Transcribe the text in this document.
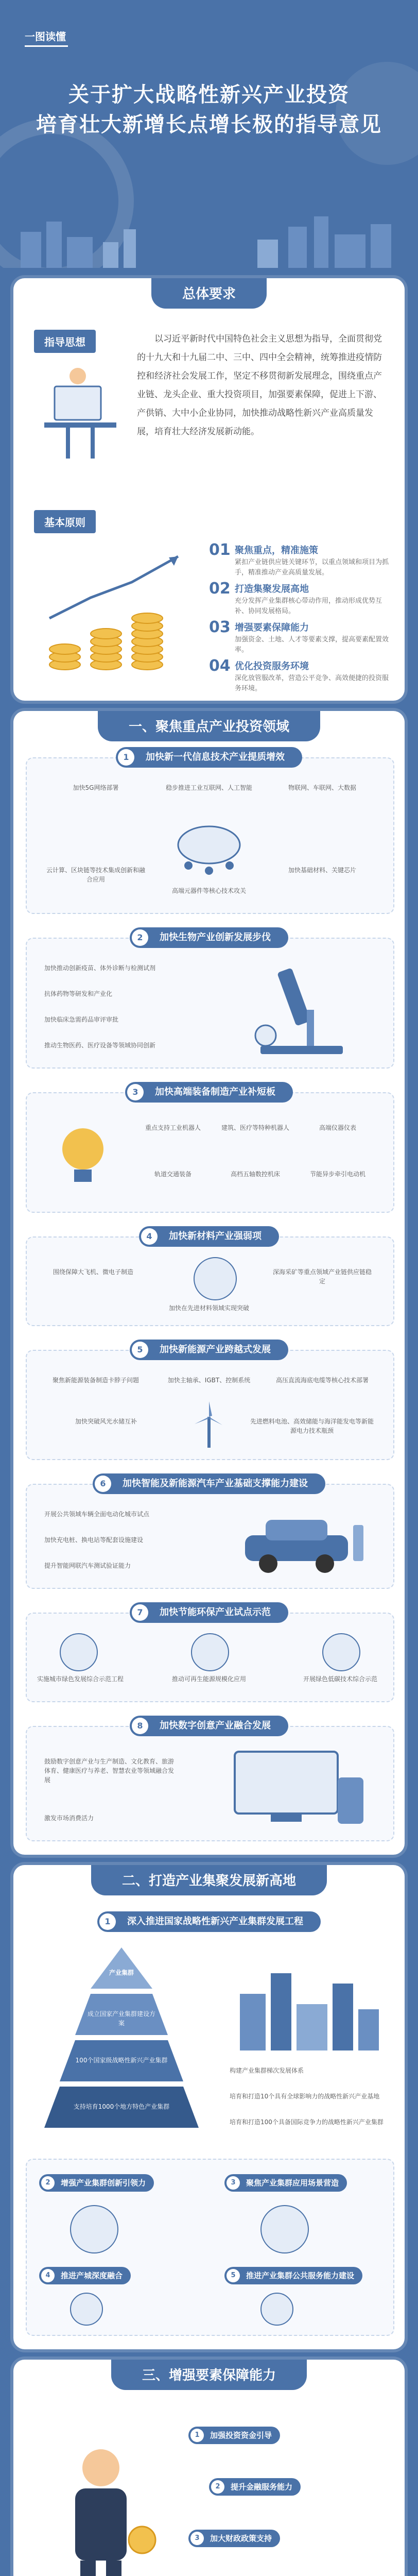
一图读懂
关于扩大战略性新兴产业投资
培育壮大新增长点增长极的指导意见
总体要求
指导思想	以习近平新时代中国特色社会主义思想为指导，全面贯彻党的十九大和十九届二中、三中、四中全会精神，统筹推进疫情防控和经济社会发展工作，坚定不移贯彻新发展理念，围绕重点产业链、龙头企业、重大投资项目，加强要素保障，促进上下游、产供销、大中小企业协同，加快推动战略性新兴产业高质量发展，培育壮大经济发展新动能。
基本原则
01 聚焦重点，精准施策
紧扣产业链供应链关键环节，以重点领域和项目为抓手，精准推动产业高质量发展。
02 打造集聚发展高地
充分发挥产业集群核心带动作用，推动形成优势互补、协同发展格局。
03 增强要素保障能力
加强资金、土地、人才等要素支撑，提高要素配置效率。
04 优化投资服务环境
深化放管服改革，营造公平竞争、高效便捷的投资服务环境。
一、聚焦重点产业投资领域
1	加快新一代信息技术产业提质增效
加快5G网络部署	稳步推进工业互联网、人工智能	物联网、车联网、大数据
云计算、区块链等技术集成创新和融合应用
加快基础材料、关键芯片
高端元器件等核心技术攻关
2	加快生物产业创新发展步伐
加快推动创新疫苗、体外诊断与检测试剂
抗体药物等研发和产业化
加快临床急需药品审评审批
推动生物医药、医疗设备等领域协同创新
3	加快高端装备制造产业补短板
重点支持工业机器人	建筑、医疗等特种机器人	高端仪器仪表
轨道交通装备	高档五轴数控机床	节能异步牵引电动机
4	加快新材料产业强弱项
围绕保障大飞机、微电子制造	深海采矿等重点领域产业链供应链稳定
加快在先进材料领域实现突破
5	加快新能源产业跨越式发展
聚焦新能源装备制造卡脖子问题	加快主轴承、IGBT、控制系统	高压直流海底电缆等核心技术部署
加快突破风光水储互补	先进燃料电池、高效储能与海洋能发电等新能源电力技术瓶颈
6	加快智能及新能源汽车产业基础支撑能力建设
开展公共领域车辆全面电动化城市试点
加快充电桩、换电站等配套设施建设
提升智能网联汽车测试验证能力
7	加快节能环保产业试点示范
实施城市绿色发展综合示范工程	推动可再生能源规模化应用	开展绿色低碳技术综合示范
8	加快数字创意产业融合发展
鼓励数字创意产业与生产制造、文化教育、旅游体育、健康医疗与养老、智慧农业等领域融合发展
激发市场消费活力
二、打造产业集聚发展新高地
1	深入推进国家战略性新兴产业集群发展工程
产业集群
成立国家产业集群建设方案
100个国家级战略性新兴产业集群
支持培育1000个地方特色产业集群
构建产业集群梯次发展体系
培育和打造10个具有全球影响力的战略性新兴产业基地
培育和打造100个具备国际竞争力的战略性新兴产业集群
2	增强产业集群创新引领力	3	聚焦产业集群应用场景营造
4	推进产城深度融合	5	推进产业集群公共服务能力建设
三、增强要素保障能力
1	加强投资资金引导
2	提升金融服务能力
3	加大财政政策支持
